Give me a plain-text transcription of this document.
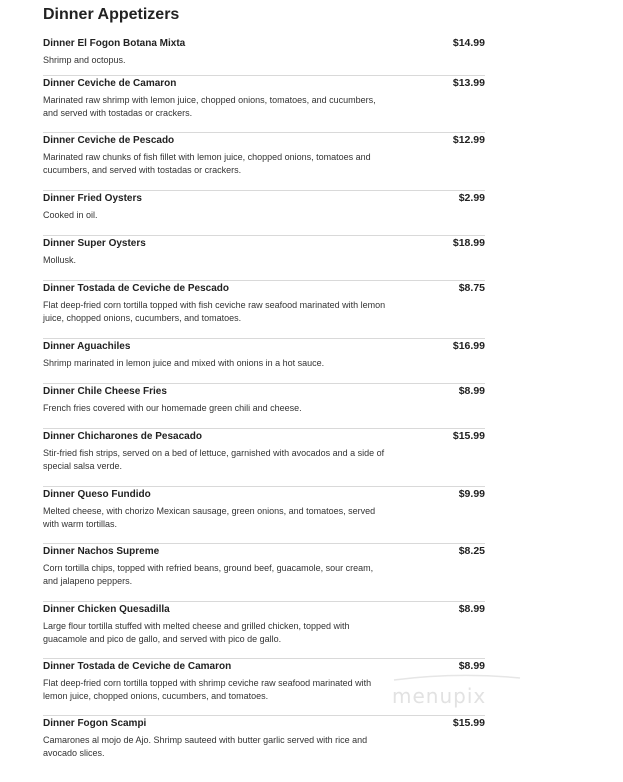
Dinner Appetizers
Dinner El Fogon Botana Mixta	$14.99
Shrimp and octopus.
Dinner Ceviche de Camaron	$13.99
Marinated raw shrimp with lemon juice, chopped onions, tomatoes, and cucumbers, and served with tostadas or crackers.
Dinner Ceviche de Pescado	$12.99
Marinated raw chunks of fish fillet with lemon juice, chopped onions, tomatoes and cucumbers, and served with tostadas or crackers.
Dinner Fried Oysters	$2.99
Cooked in oil.
Dinner Super Oysters	$18.99
Mollusk.
Dinner Tostada de Ceviche de Pescado	$8.75
Flat deep-fried corn tortilla topped with fish ceviche raw seafood marinated with lemon juice, chopped onions, cucumbers, and tomatoes.
Dinner Aguachiles	$16.99
Shrimp marinated in lemon juice and mixed with onions in a hot sauce.
Dinner Chile Cheese Fries	$8.99
French fries covered with our homemade green chili and cheese.
Dinner Chicharones de Pesacado	$15.99
Stir-fried fish strips, served on a bed of lettuce, garnished with avocados and a side of special salsa verde.
Dinner Queso Fundido	$9.99
Melted cheese, with chorizo Mexican sausage, green onions, and tomatoes, served with warm tortillas.
Dinner Nachos Supreme	$8.25
Corn tortilla chips, topped with refried beans, ground beef, guacamole, sour cream, and jalapeno peppers.
Dinner Chicken Quesadilla	$8.99
Large flour tortilla stuffed with melted cheese and grilled chicken, topped with guacamole and pico de gallo, and served with pico de gallo.
Dinner Tostada de Ceviche de Camaron	$8.99
Flat deep-fried corn tortilla topped with shrimp ceviche raw seafood marinated with lemon juice, chopped onions, cucumbers, and tomatoes.
Dinner Fogon Scampi	$15.99
Camarones al mojo de Ajo. Shrimp sauteed with butter garlic served with rice and avocado slices.
menupix
